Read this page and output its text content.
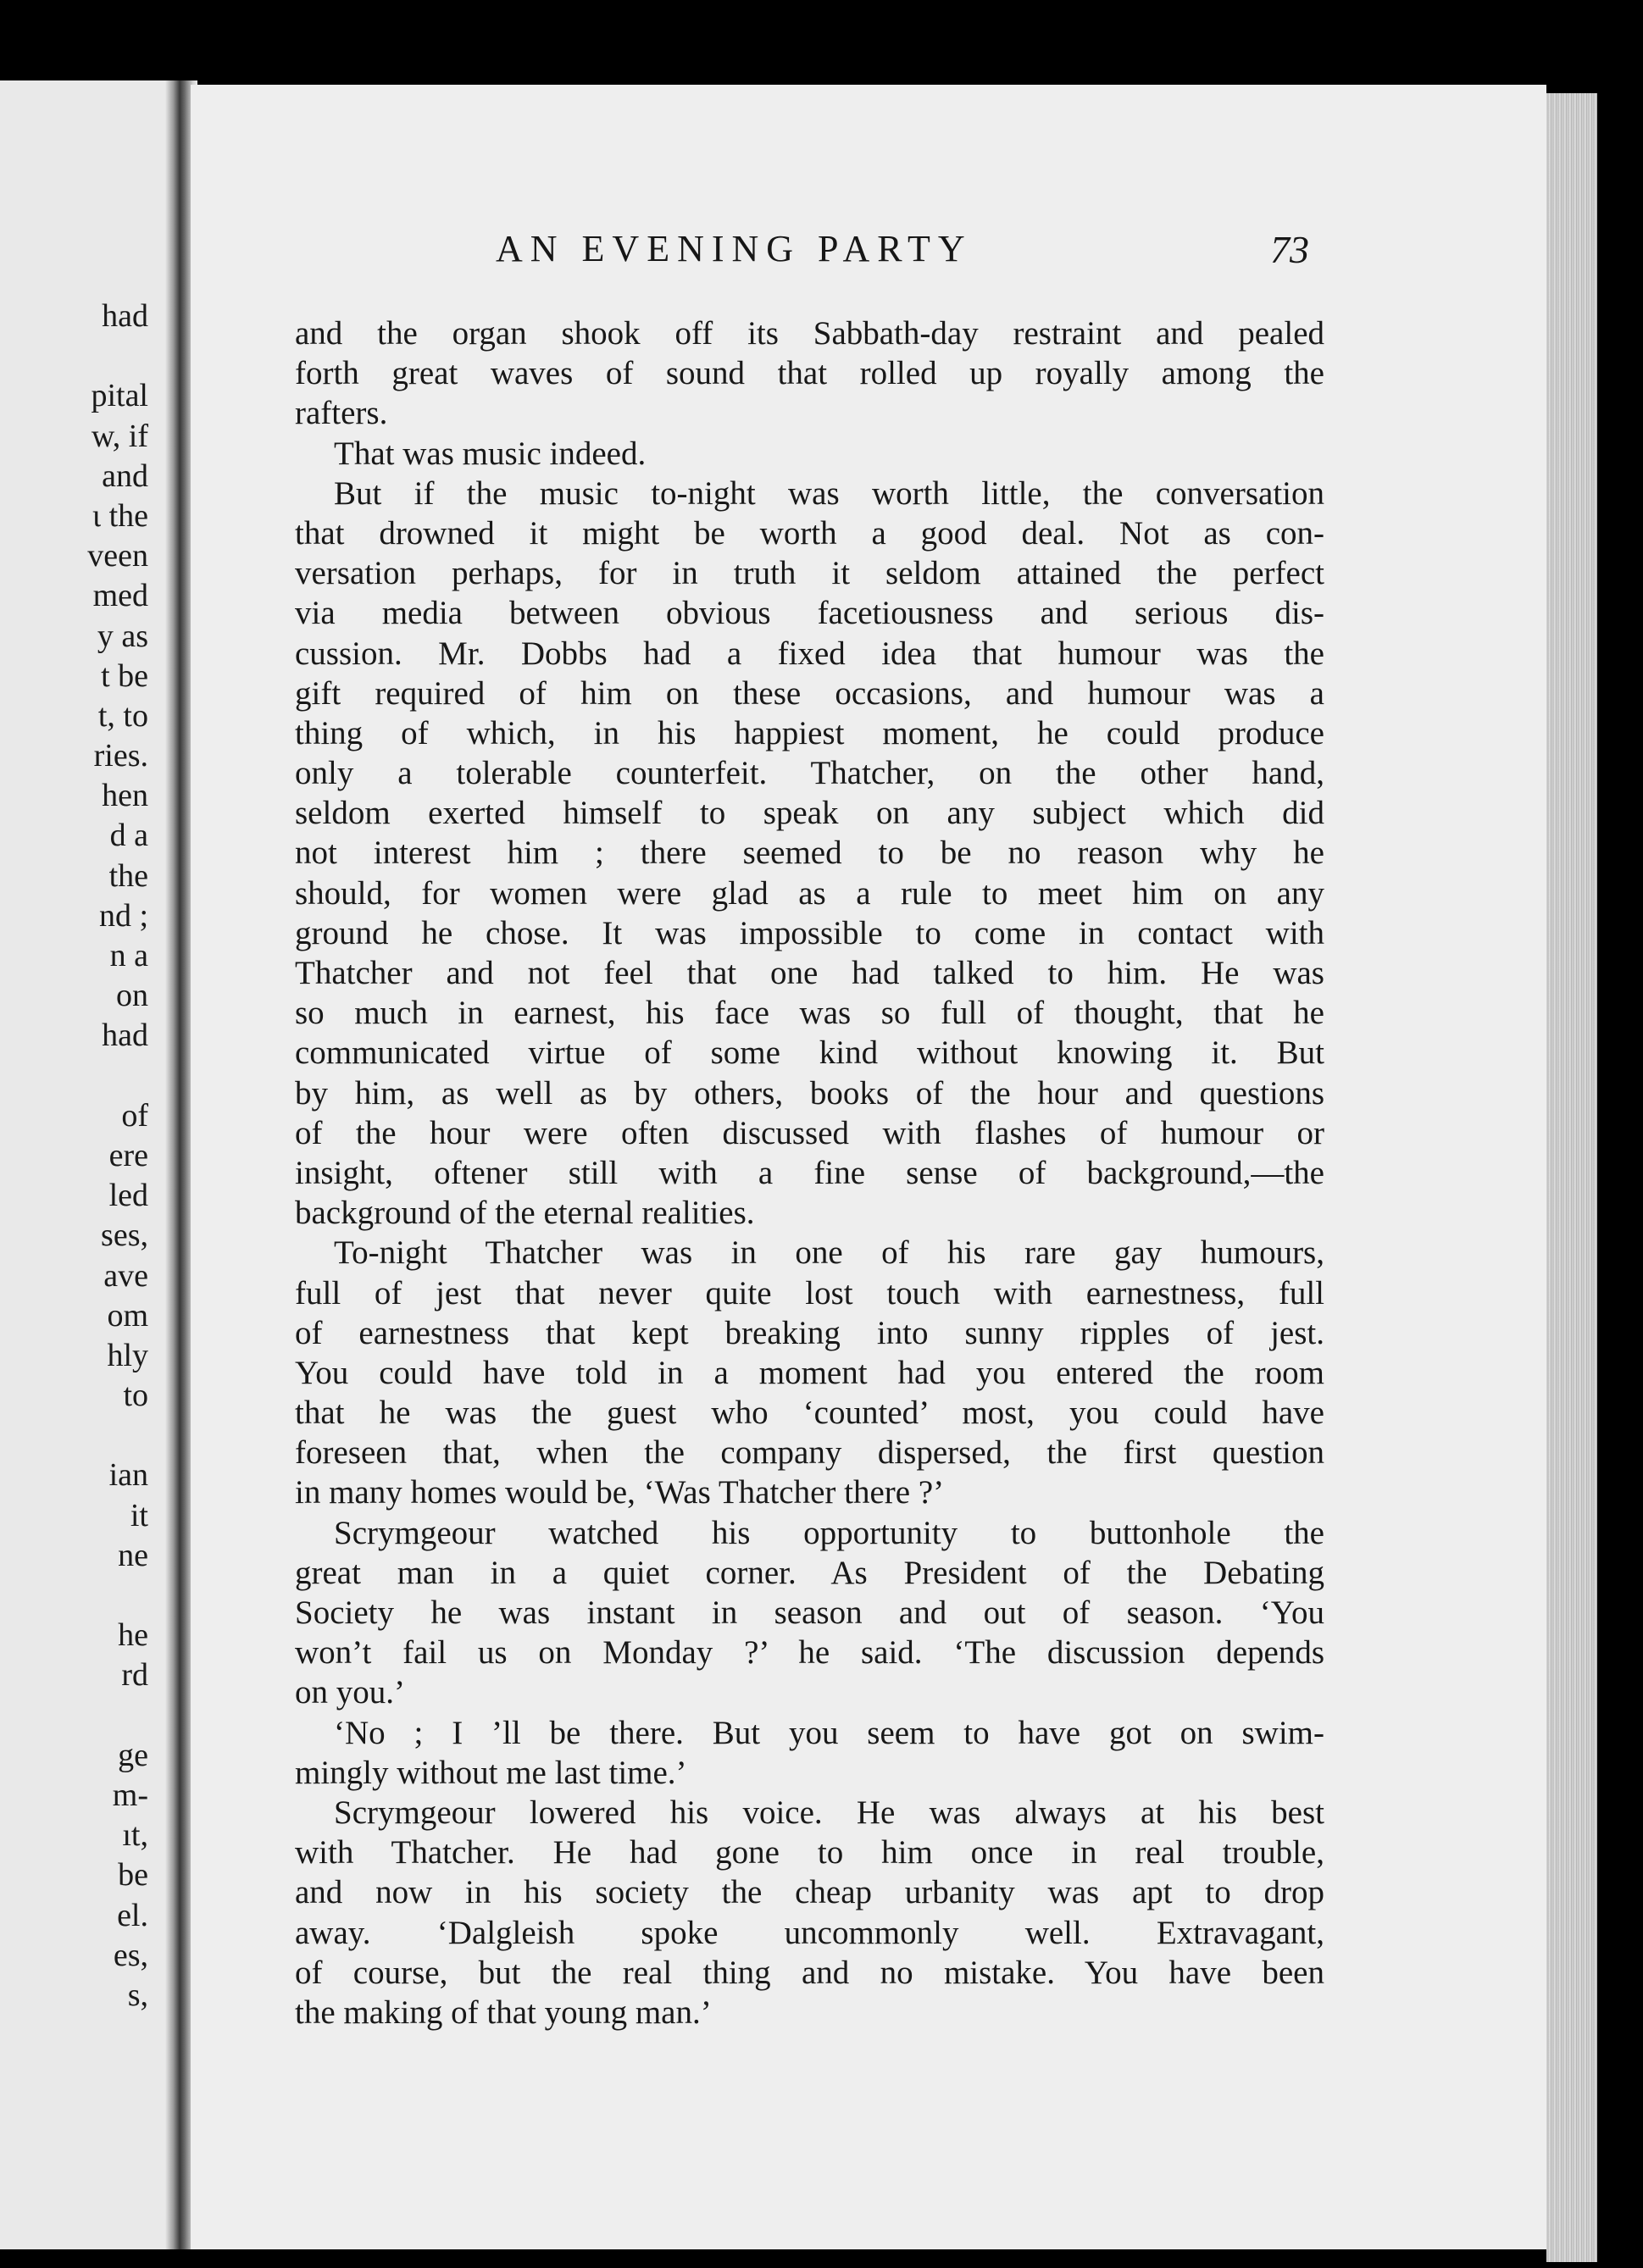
had
pital
w, if
and
ι the
veen
med
y as
t be
t, to
ries.
hen
d a
the
nd ;
n a
on
had
of
ere
led
ses,
ave
om
hly
to
ian
it
ne
he
rd
ge
m-
ıt,
be
el.
es,
s,
AN EVENING PARTY	73
and the organ shook off its Sabbath-day restraint and pealed
forth great waves of sound that rolled up royally among the
rafters.
That was music indeed.
But if the music to-night was worth little, the conversation
that drowned it might be worth a good deal. Not as con-
versation perhaps, for in truth it seldom attained the perfect
via media between obvious facetiousness and serious dis-
cussion. Mr. Dobbs had a fixed idea that humour was the
gift required of him on these occasions, and humour was a
thing of which, in his happiest moment, he could produce
only a tolerable counterfeit. Thatcher, on the other hand,
seldom exerted himself to speak on any subject which did
not interest him ; there seemed to be no reason why he
should, for women were glad as a rule to meet him on any
ground he chose. It was impossible to come in contact with
Thatcher and not feel that one had talked to him. He was
so much in earnest, his face was so full of thought, that he
communicated virtue of some kind without knowing it. But
by him, as well as by others, books of the hour and questions
of the hour were often discussed with flashes of humour or
insight, oftener still with a fine sense of background,—the
background of the eternal realities.
To-night Thatcher was in one of his rare gay humours,
full of jest that never quite lost touch with earnestness, full
of earnestness that kept breaking into sunny ripples of jest.
You could have told in a moment had you entered the room
that he was the guest who ‘counted’ most, you could have
foreseen that, when the company dispersed, the first question
in many homes would be, ‘Was Thatcher there ?’
Scrymgeour watched his opportunity to buttonhole the
great man in a quiet corner. As President of the Debating
Society he was instant in season and out of season. ‘You
won’t fail us on Monday ?’ he said. ‘The discussion depends
on you.’
‘No ; I ’ll be there. But you seem to have got on swim-
mingly without me last time.’
Scrymgeour lowered his voice. He was always at his best
with Thatcher. He had gone to him once in real trouble,
and now in his society the cheap urbanity was apt to drop
away. ‘Dalgleish spoke uncommonly well. Extravagant,
of course, but the real thing and no mistake. You have been
the making of that young man.’
